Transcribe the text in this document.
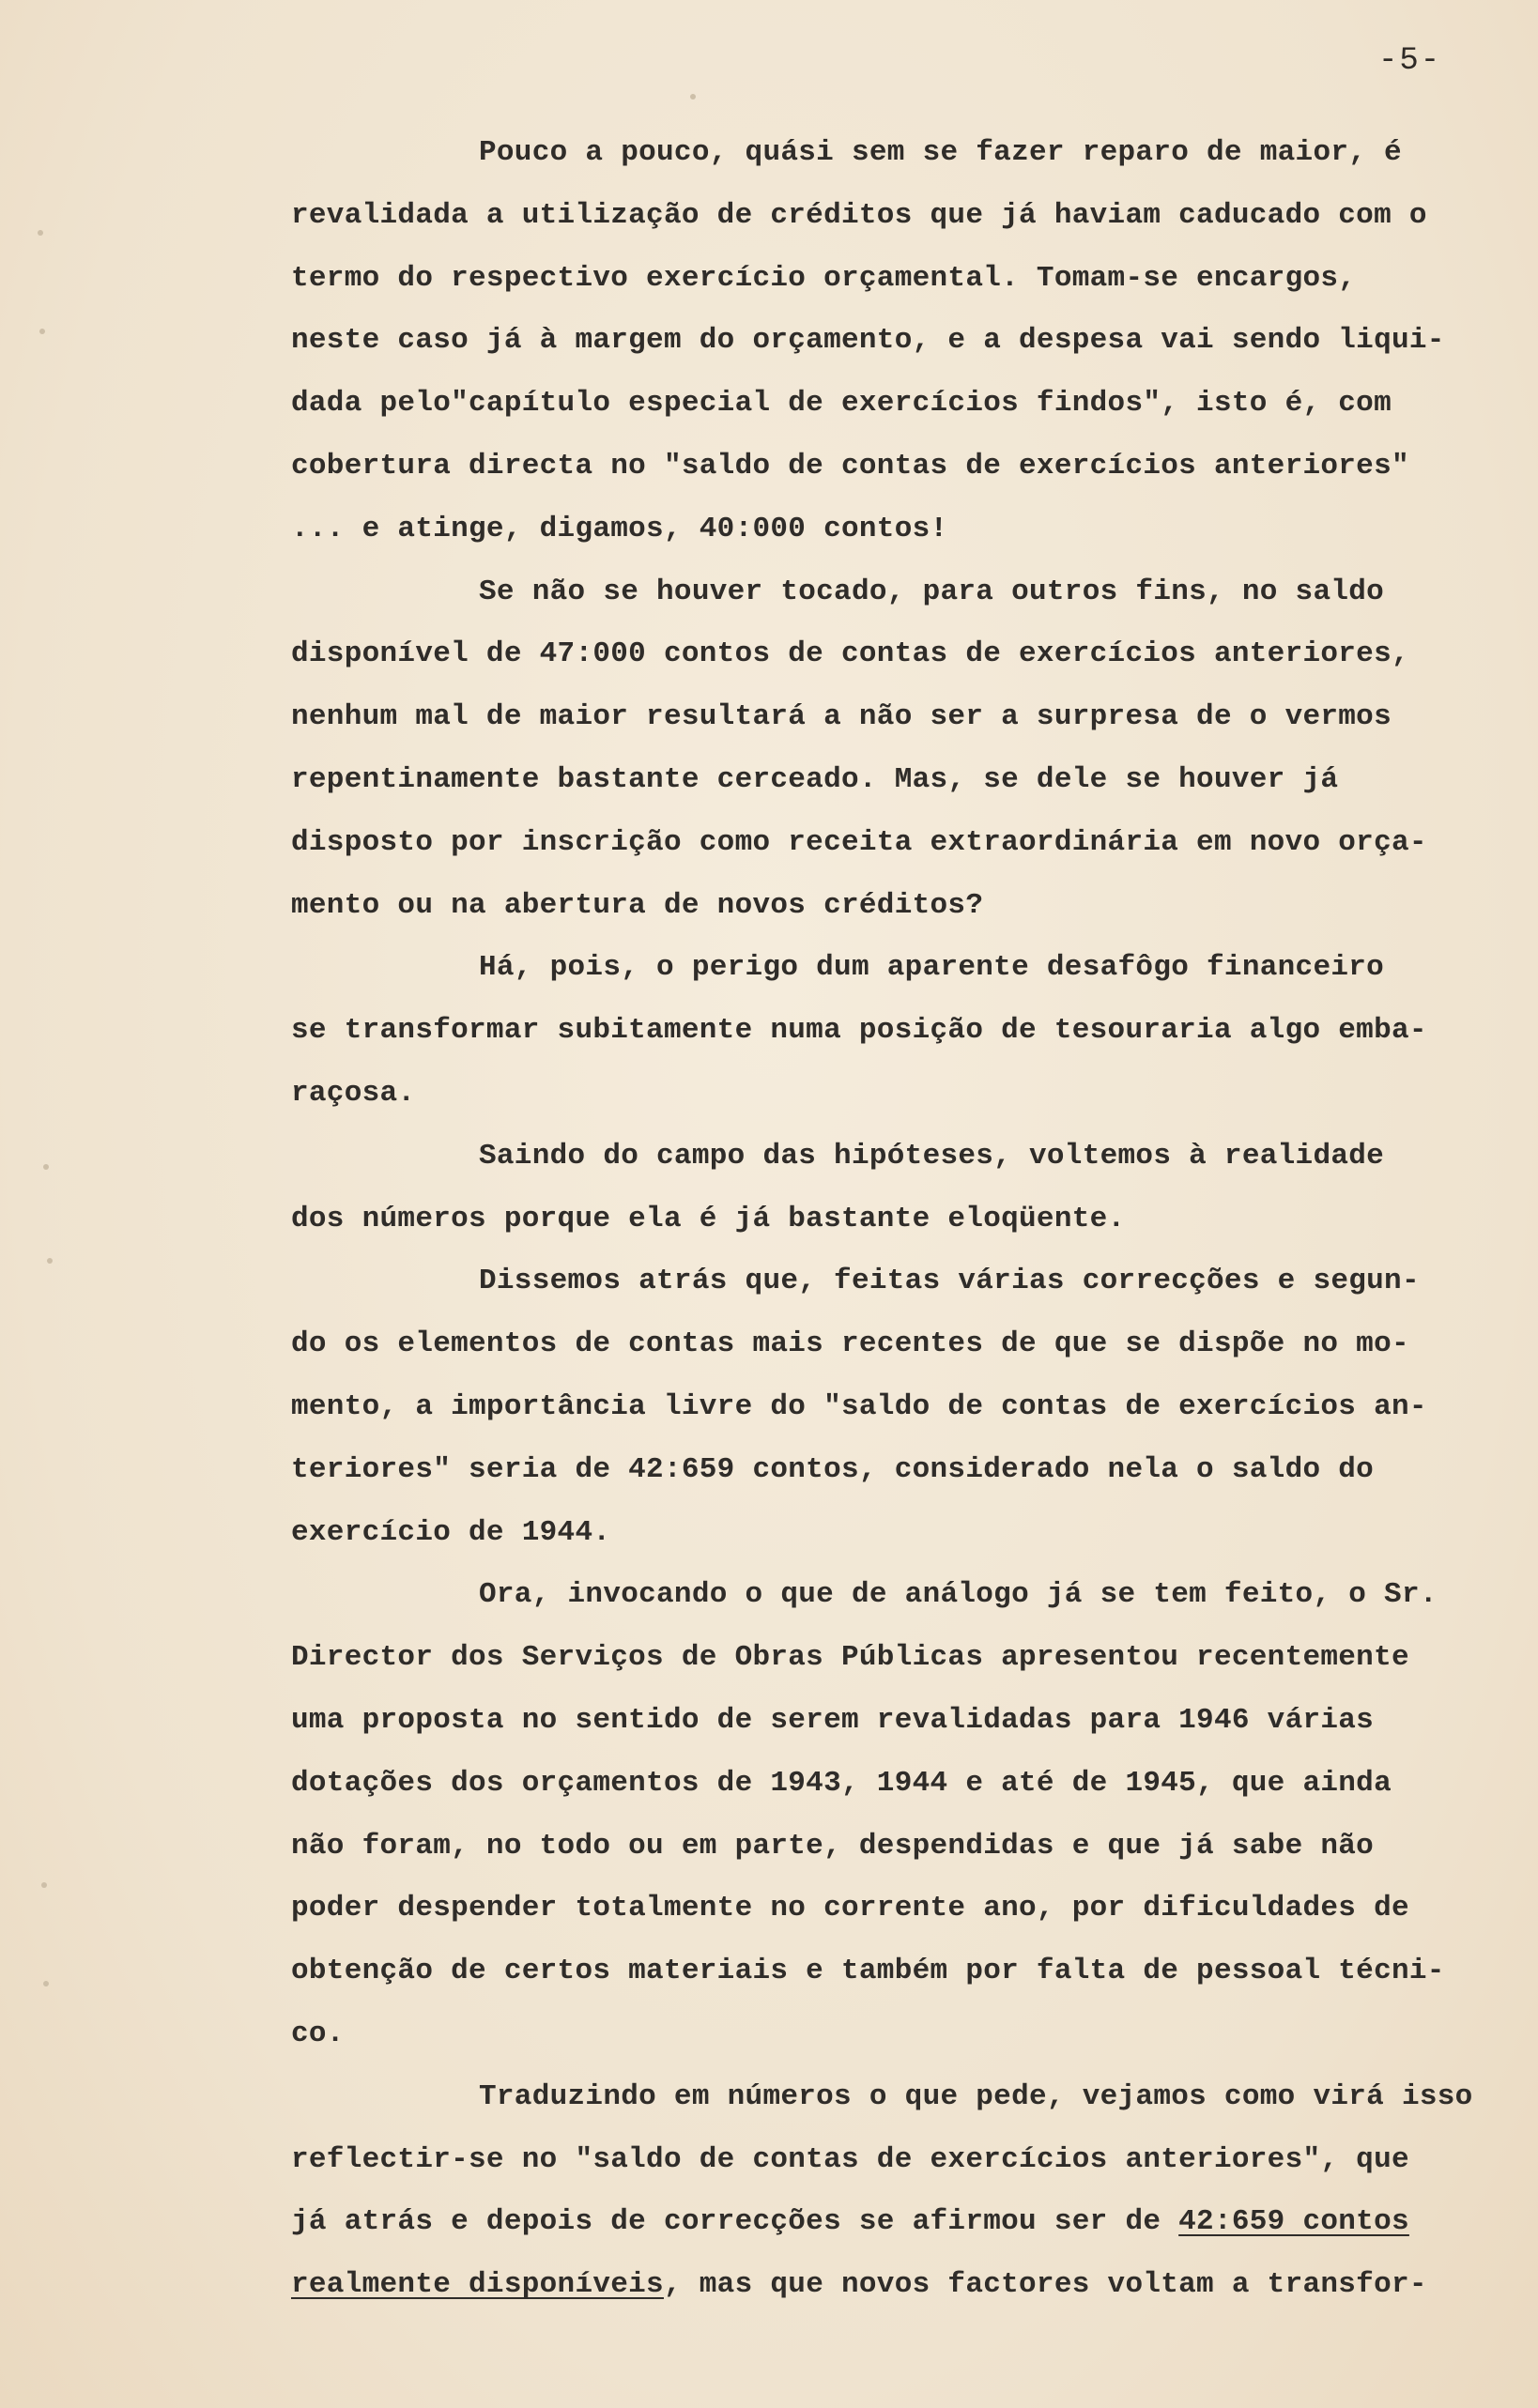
-5-
Pouco a pouco, quási sem se fazer reparo de maior, é
revalidada a utilização de créditos que já haviam caducado com o
termo do respectivo exercício orçamental. Tomam-se encargos,
neste caso já à margem do orçamento, e a despesa vai sendo liqui-
dada pelo"capítulo especial de exercícios findos", isto é, com
cobertura directa no "saldo de contas de exercícios anteriores"
... e atinge, digamos, 40:000 contos!
Se não se houver tocado, para outros fins, no saldo
disponível de 47:000 contos de contas de exercícios anteriores,
nenhum mal de maior resultará a não ser a surpresa de o vermos
repentinamente bastante cerceado. Mas, se dele se houver já
disposto por inscrição como receita extraordinária em novo orça-
mento ou na abertura de novos créditos?
Há, pois, o perigo dum aparente desafôgo financeiro
se transformar subitamente numa posição de tesouraria algo emba-
raçosa.
Saindo do campo das hipóteses, voltemos à realidade
dos números porque ela é já bastante eloqüente.
Dissemos atrás que, feitas várias correcções e segun-
do os elementos de contas mais recentes de que se dispõe no mo-
mento, a importância livre do "saldo de contas de exercícios an-
teriores" seria de 42:659 contos, considerado nela o saldo do
exercício de 1944.
Ora, invocando o que de análogo já se tem feito, o Sr.
Director dos Serviços de Obras Públicas apresentou recentemente
uma proposta no sentido de serem revalidadas para 1946 várias
dotações dos orçamentos de 1943, 1944 e até de 1945, que ainda
não foram, no todo ou em parte, despendidas e que já sabe não
poder despender totalmente no corrente ano, por dificuldades de
obtenção de certos materiais e também por falta de pessoal técni-
co.
Traduzindo em números o que pede, vejamos como virá isso
reflectir-se no "saldo de contas de exercícios anteriores", que
já atrás e depois de correcções se afirmou ser de 42:659 contos
realmente disponíveis, mas que novos factores voltam a transfor-
